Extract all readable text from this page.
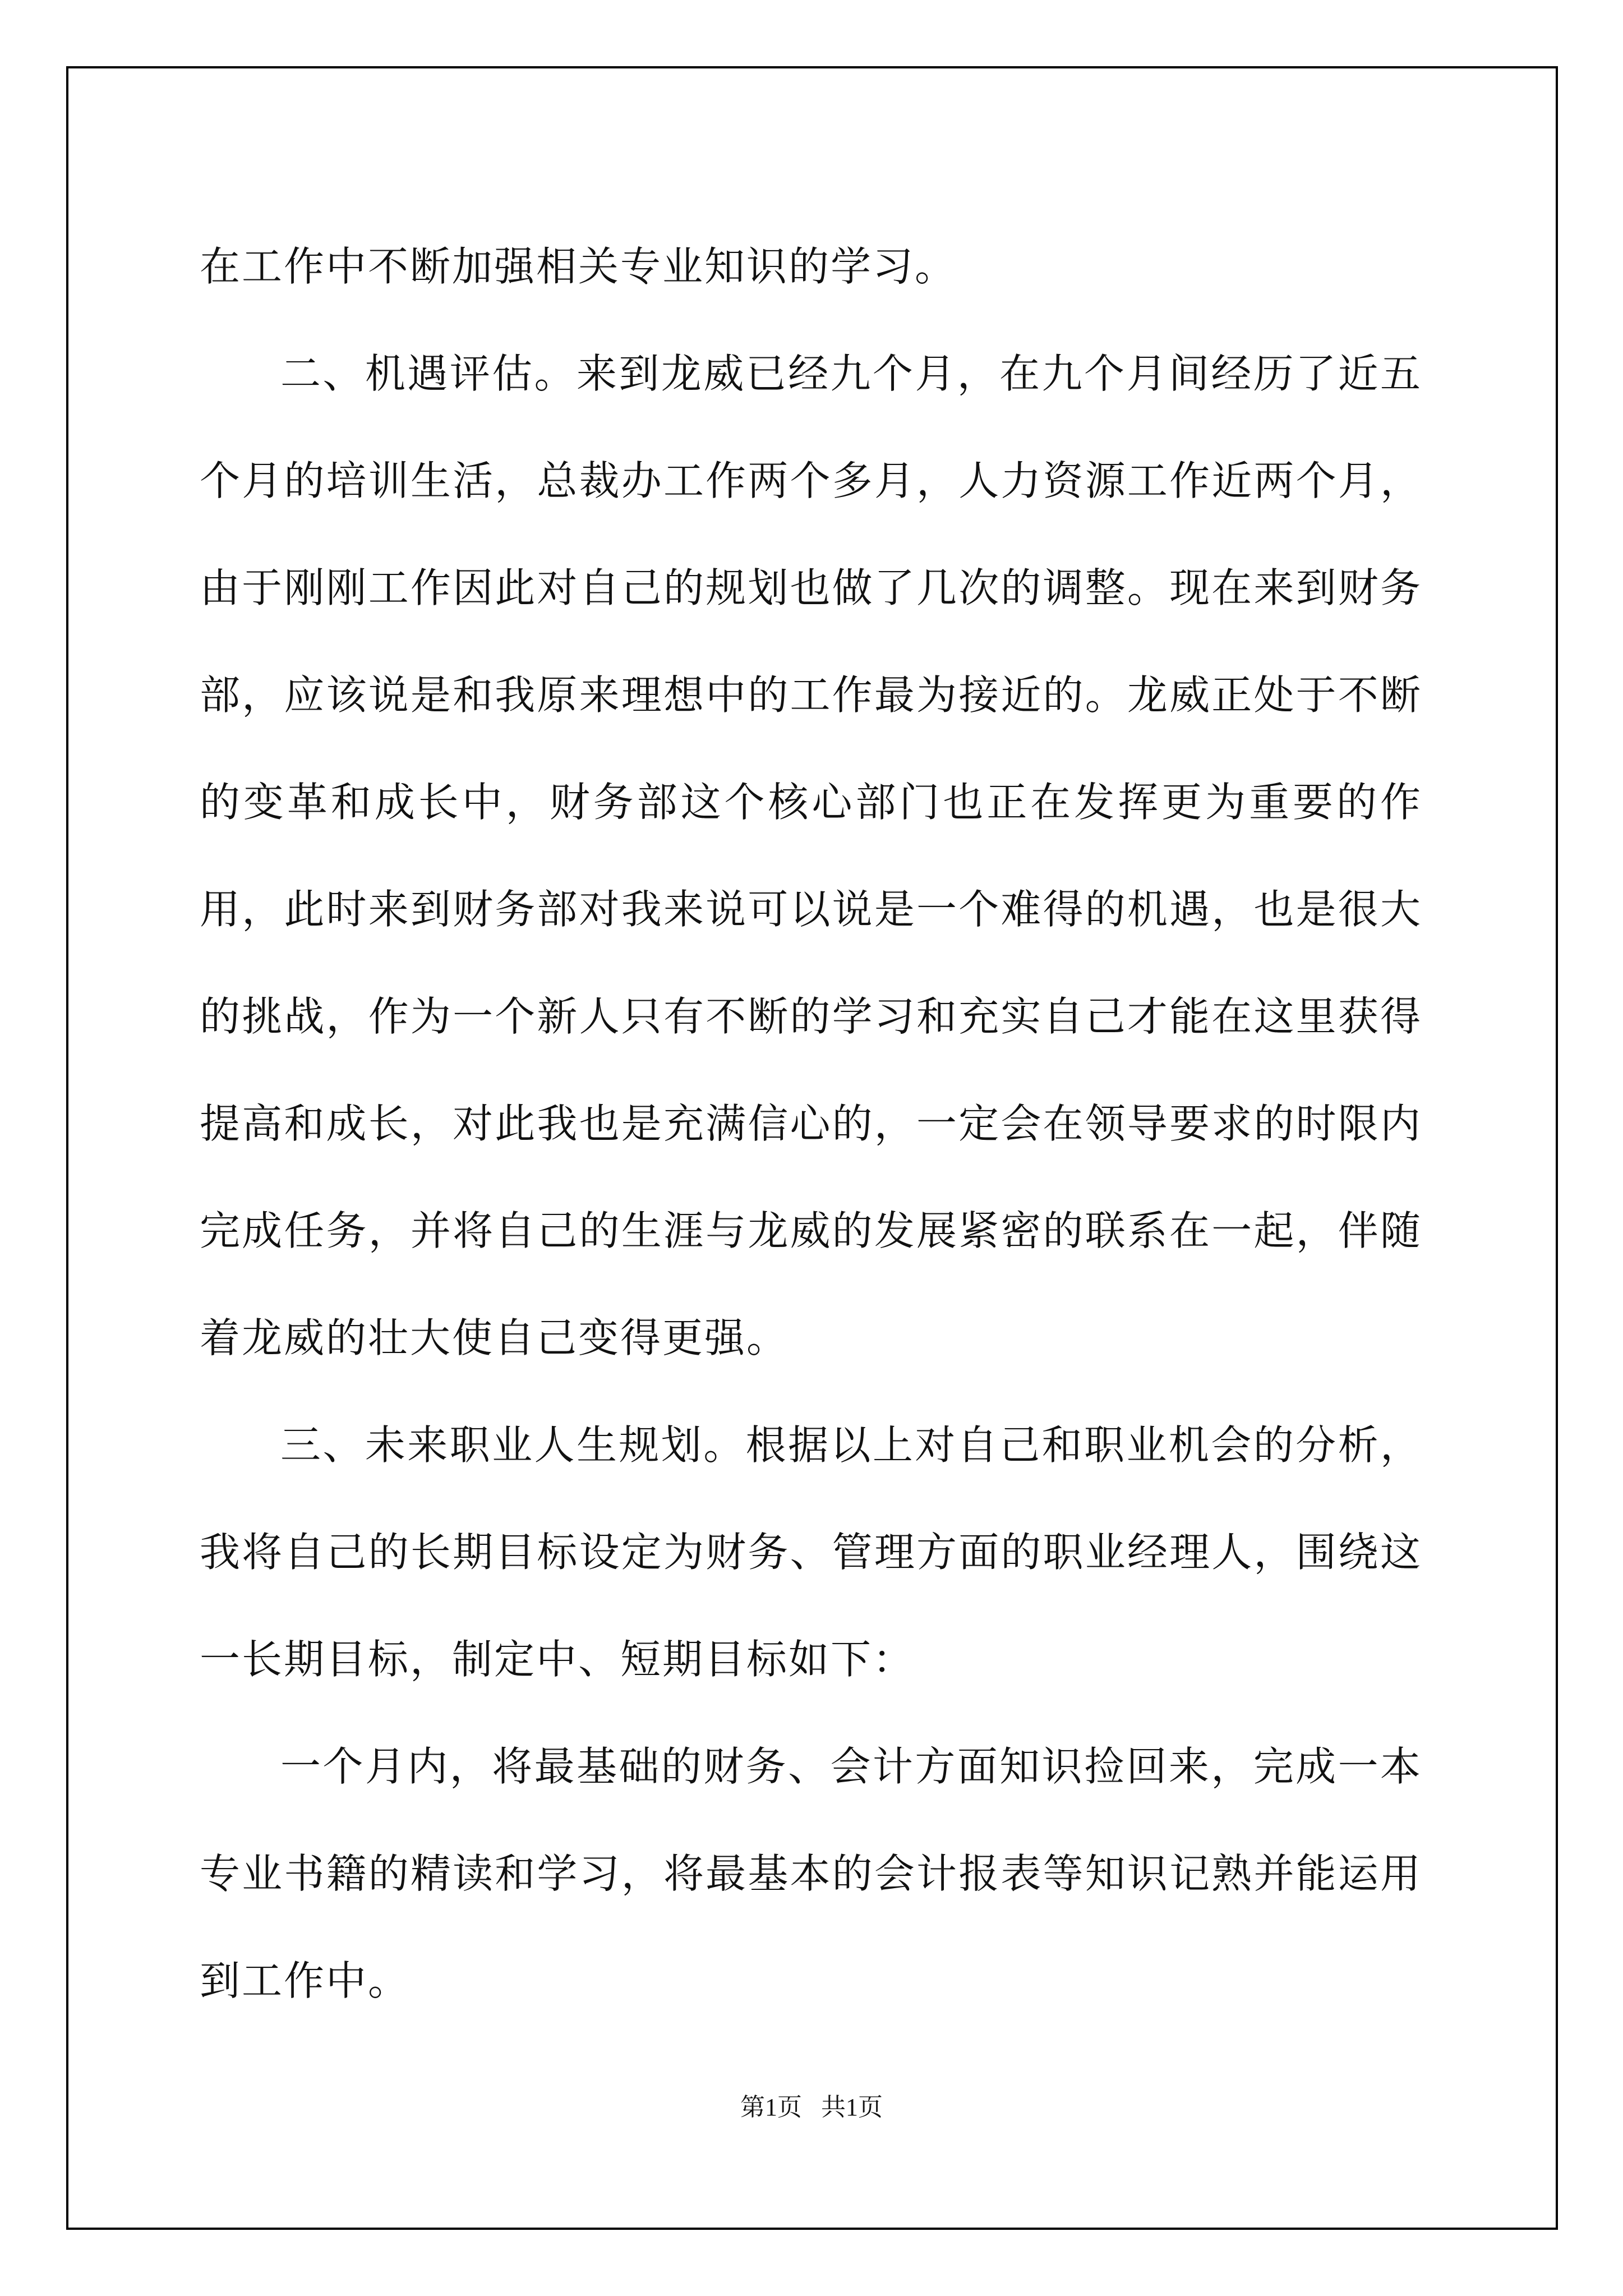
在工作中不断加强相关专业知识的学习。

二、机遇评估。来到龙威已经九个月，在九个月间经历了近五个月的培训生活，总裁办工作两个多月，人力资源工作近两个月，由于刚刚工作因此对自己的规划也做了几次的调整。现在来到财务部，应该说是和我原来理想中的工作最为接近的。龙威正处于不断的变革和成长中，财务部这个核心部门也正在发挥更为重要的作用，此时来到财务部对我来说可以说是一个难得的机遇，也是很大的挑战，作为一个新人只有不断的学习和充实自己才能在这里获得提高和成长，对此我也是充满信心的，一定会在领导要求的时限内完成任务，并将自己的生涯与龙威的发展紧密的联系在一起，伴随着龙威的壮大使自己变得更强。

三、未来职业人生规划。根据以上对自己和职业机会的分析，我将自己的长期目标设定为财务、管理方面的职业经理人，围绕这一长期目标，制定中、短期目标如下：

一个月内，将最基础的财务、会计方面知识捡回来，完成一本专业书籍的精读和学习，将最基本的会计报表等知识记熟并能运用到工作中。

第1页 共1页
